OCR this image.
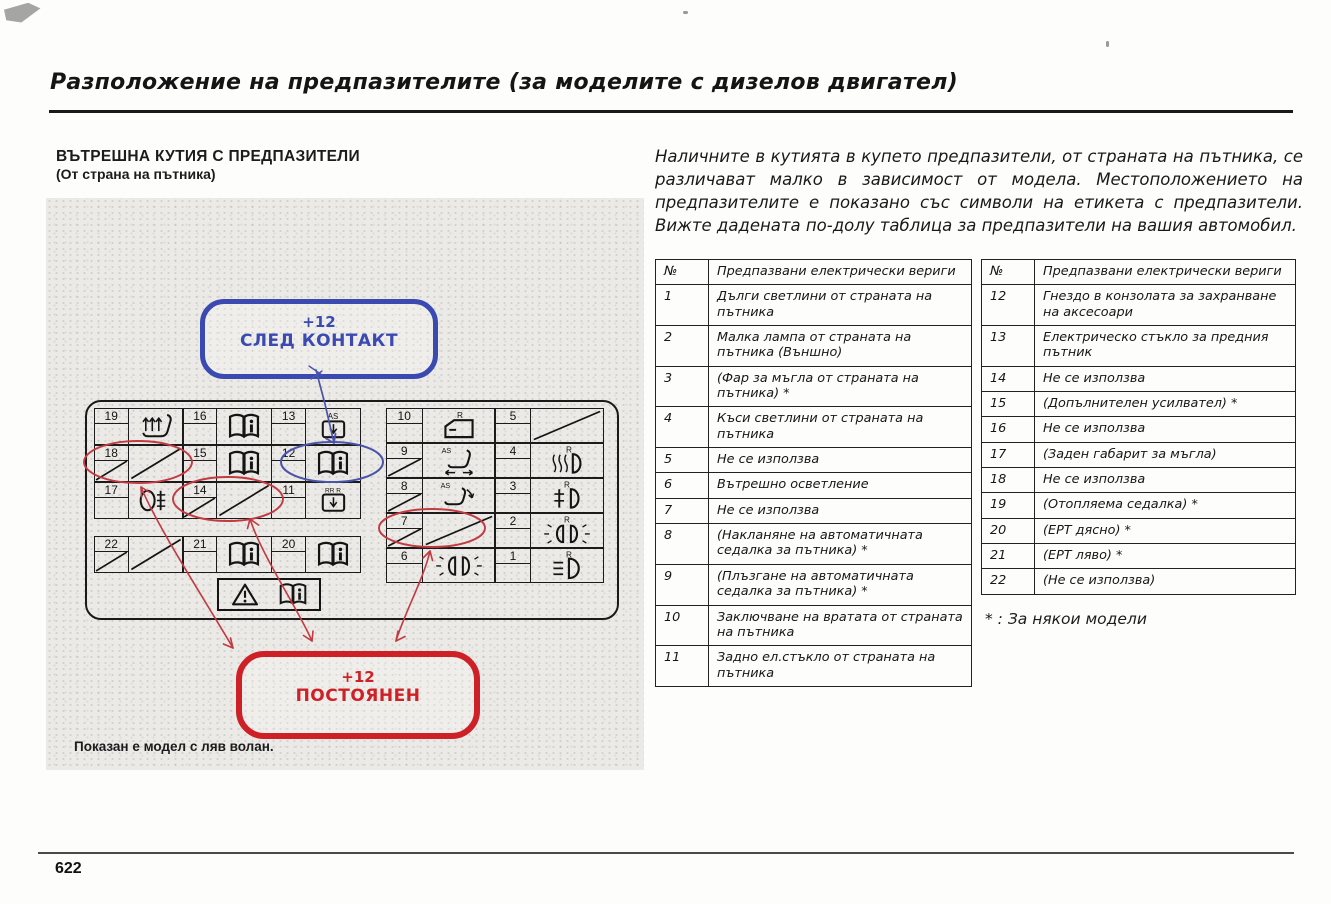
Разположение на предпазителите (за моделите с дизелов двигател)
ВЪТРЕШНА КУТИЯ С ПРЕДПАЗИТЕЛИ
(От страна на пътника)
+12
СЛЕД КОНТАКТ
19	16	13	AS
18	15	12
17	14	11	RR R
22	21	20
10	R	5
9	AS	4	R
8	AS	3	R
7	2	R
6	1	R
+12
ПОСТОЯНЕН
Показан е модел с ляв волан.

Наличните в кутията в купето предпазители, от страната на пътника, се различават малко в зависимост от модела. Местоположението на предпазителите е показано със символи на етикета с предпазители. Вижте дадената по-долу таблица за предпазители на вашия автомобил.

№	Предпазвани електрически вериги
1	Дълги светлини от страната на пътника
2	Малка лампа от страната на пътника (Външно)
3	(Фар за мъгла от страната на пътника) *
4	Къси светлини от страната на пътника
5	Не се използва
6	Вътрешно осветление
7	Не се използва
8	(Накланяне на автоматичната седалка за пътника) *
9	(Плъзгане на автоматичната седалка за пътника) *
10	Заключване на вратата от страната на пътника
11	Задно ел.стъкло от страната на пътника
№	Предпазвани електрически вериги
12	Гнездо в конзолата за захранване на аксесоари
13	Електрическо стъкло за предния пътник
14	Не се използва
15	(Допълнителен усилвател) *
16	Не се използва
17	(Заден габарит за мъгла)
18	Не се използва
19	(Отопляема седалка) *
20	(ЕРТ дясно) *
21	(ЕРТ ляво) *
22	(Не се използва)
* : За някои модели
622
